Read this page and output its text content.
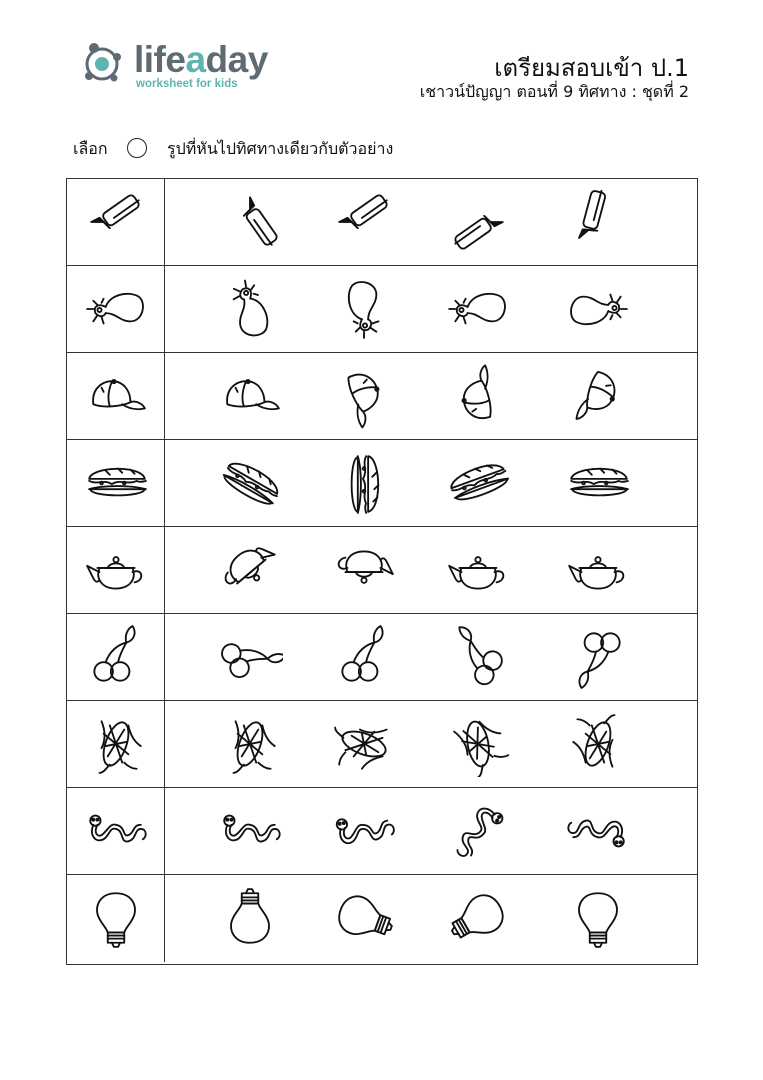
lifeaday
worksheet for kids
เตรียมสอบเข้า ป.1
เชาวน์ปัญญา ตอนที่ 9 ทิศทาง : ชุดที่ 2
เลือก ○ รูปที่หันไปทิศทางเดียวกับตัวอย่าง
